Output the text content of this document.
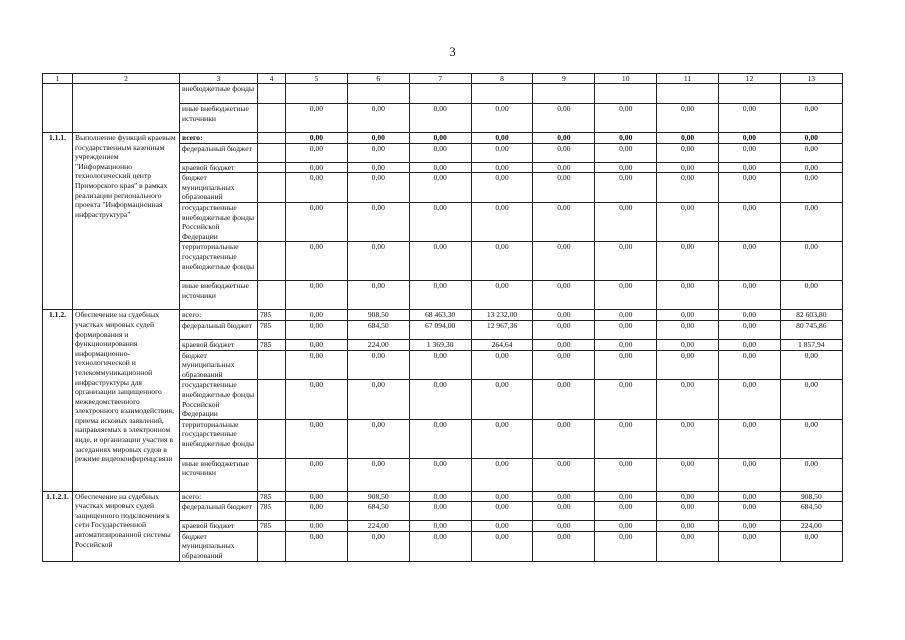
3
1	2	3	4	5	6	7	8	9	10	11	12	13
		внебюджетные фонды										
		иные внебюджетные источники		0,00	0,00	0,00	0,00	0,00	0,00	0,00	0,00	0,00
1.1.1.	Выполнение функций краевым государственным казенным учреждением "Информационно технологический центр Приморского края" в рамках реализации регионального проекта "Информационная инфраструктура"	всего:		0,00	0,00	0,00	0,00	0,00	0,00	0,00	0,00	0,00
		федеральный бюджет		0,00	0,00	0,00	0,00	0,00	0,00	0,00	0,00	0,00
		краевой бюджет		0,00	0,00	0,00	0,00	0,00	0,00	0,00	0,00	0,00
		бюджет муниципальных образований		0,00	0,00	0,00	0,00	0,00	0,00	0,00	0,00	0,00
		государственные внебюджетные фонды Российской Федерации		0,00	0,00	0,00	0,00	0,00	0,00	0,00	0,00	0,00
		территориальные государственные внебюджетные фонды		0,00	0,00	0,00	0,00	0,00	0,00	0,00	0,00	0,00
		иные внебюджетные источники		0,00	0,00	0,00	0,00	0,00	0,00	0,00	0,00	0,00
1.1.2.	Обеспечение на судебных участках мировых судей формирования и функционирования информационно-технологической и телекоммуникационной инфраструктуры для организации защищенного межведомственного электронного взаимодействия, приема исковых заявлений, направляемых в электронном виде, и организации участия в заседаниях мировых судов в режиме видеоконференцсвязи	всего:	785	0,00	908,50	68 463,30	13 232,00	0,00	0,00	0,00	0,00	82 603,80
		федеральный бюджет	785	0,00	684,50	67 094,00	12 967,36	0,00	0,00	0,00	0,00	80 745,86
		краевой бюджет	785	0,00	224,00	1 369,30	264,64	0,00	0,00	0,00	0,00	1 857,94
		бюджет муниципальных образований		0,00	0,00	0,00	0,00	0,00	0,00	0,00	0,00	0,00
		государственные внебюджетные фонды Российской Федерации		0,00	0,00	0,00	0,00	0,00	0,00	0,00	0,00	0,00
		территориальные государственные внебюджетные фонды		0,00	0,00	0,00	0,00	0,00	0,00	0,00	0,00	0,00
		иные внебюджетные источники		0,00	0,00	0,00	0,00	0,00	0,00	0,00	0,00	0,00
1.1.2.1.	Обеспечение на судебных участках мировых судей защищенного подключения к сети Государственной автоматизированной системы Российской	всего:	785	0,00	908,50	0,00	0,00	0,00	0,00	0,00	0,00	908,50
		федеральный бюджет	785	0,00	684,50	0,00	0,00	0,00	0,00	0,00	0,00	684,50
		краевой бюджет	785	0,00	224,00	0,00	0,00	0,00	0,00	0,00	0,00	224,00
		бюджет муниципальных образований		0,00	0,00	0,00	0,00	0,00	0,00	0,00	0,00	0,00
